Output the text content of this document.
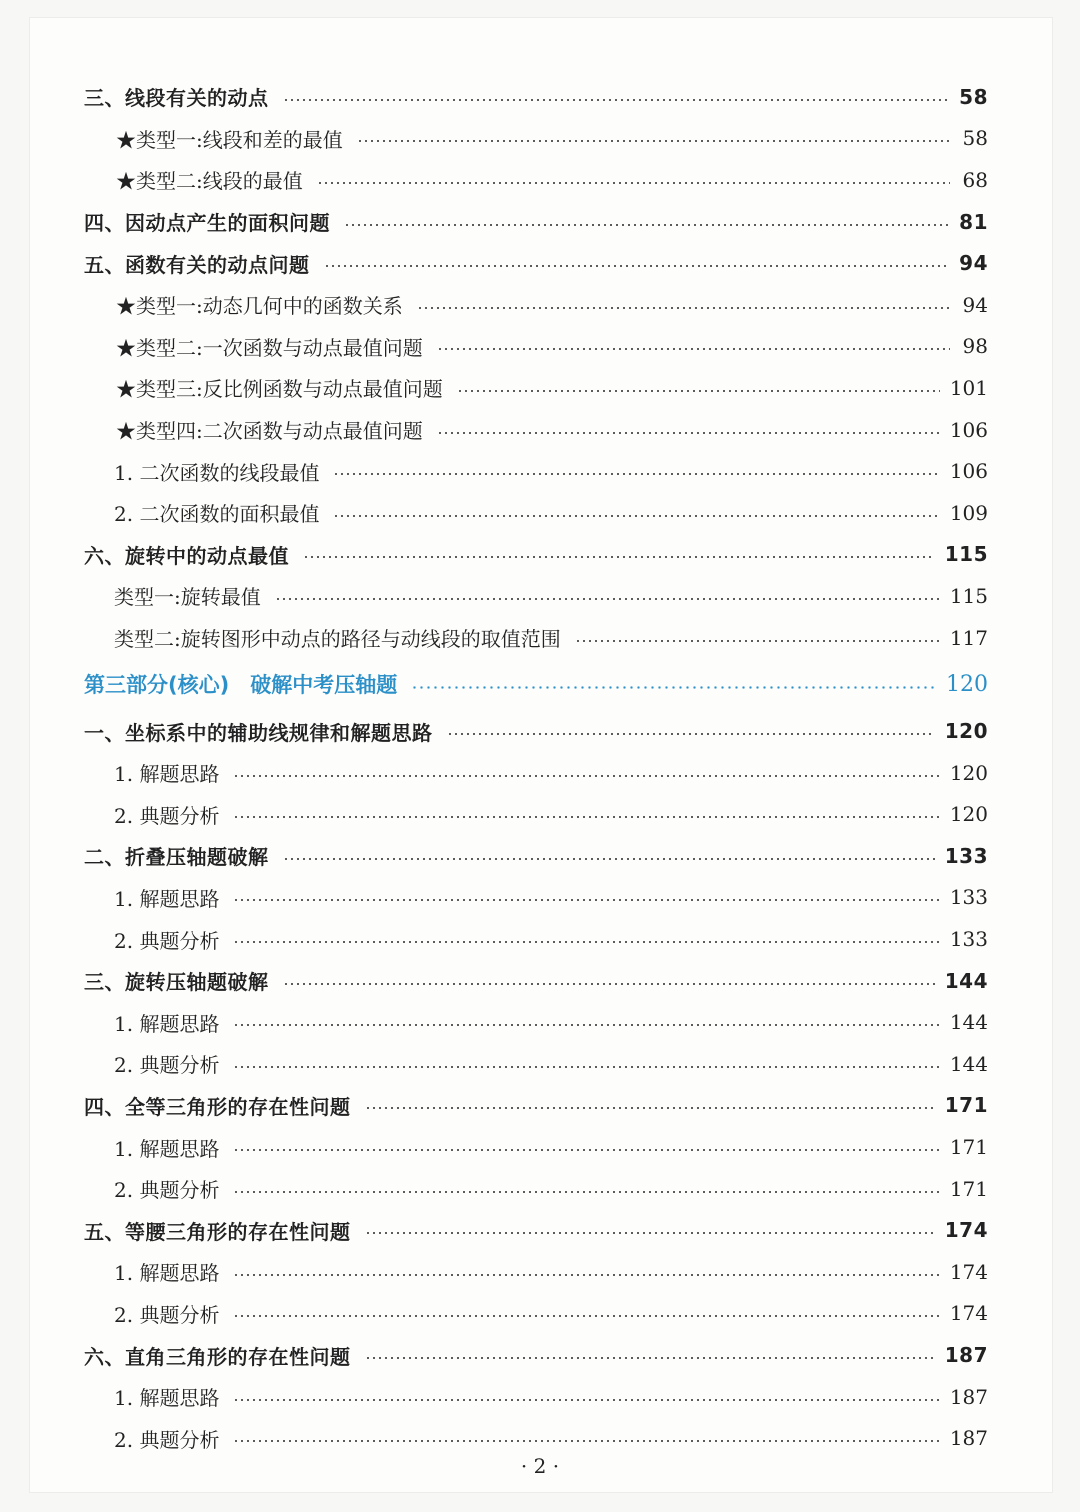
三、线段有关的动点	58
★类型一:线段和差的最值	58
★类型二:线段的最值	68
四、因动点产生的面积问题	81
五、函数有关的动点问题	94
★类型一:动态几何中的函数关系	94
★类型二:一次函数与动点最值问题	98
★类型三:反比例函数与动点最值问题	101
★类型四:二次函数与动点最值问题	106
1. 二次函数的线段最值	106
2. 二次函数的面积最值	109
六、旋转中的动点最值	115
类型一:旋转最值	115
类型二:旋转图形中动点的路径与动线段的取值范围	117
第三部分(核心)　破解中考压轴题	120
一、坐标系中的辅助线规律和解题思路	120
1. 解题思路	120
2. 典题分析	120
二、折叠压轴题破解	133
1. 解题思路	133
2. 典题分析	133
三、旋转压轴题破解	144
1. 解题思路	144
2. 典题分析	144
四、全等三角形的存在性问题	171
1. 解题思路	171
2. 典题分析	171
五、等腰三角形的存在性问题	174
1. 解题思路	174
2. 典题分析	174
六、直角三角形的存在性问题	187
1. 解题思路	187
2. 典题分析	187
· 2 ·
